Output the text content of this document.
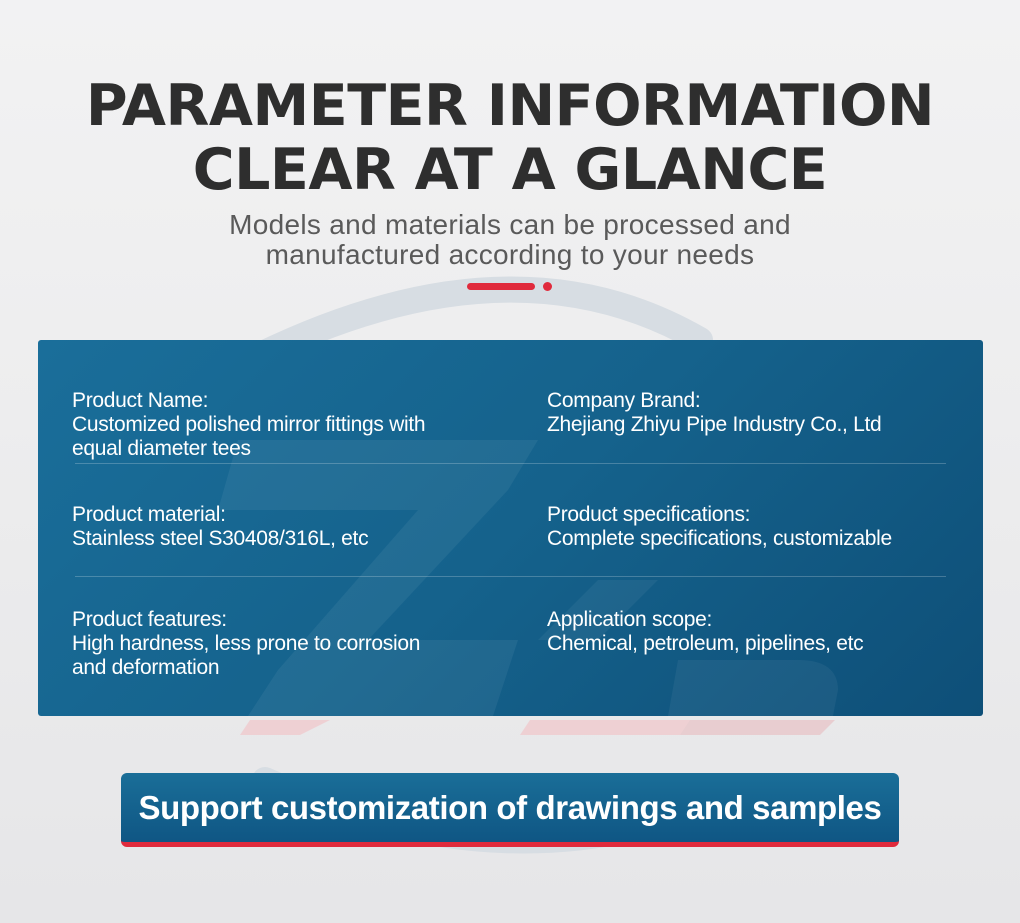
PARAMETER INFORMATION
CLEAR AT A GLANCE
Models and materials can be processed and
manufactured according to your needs
Product Name:
Customized polished mirror fittings with
equal diameter tees
Company Brand:
Zhejiang Zhiyu Pipe Industry Co., Ltd
Product material:
Stainless steel S30408/316L, etc
Product specifications:
Complete specifications, customizable
Product features:
High hardness, less prone to corrosion
and deformation
Application scope:
Chemical, petroleum, pipelines, etc
Support customization of drawings and samples
